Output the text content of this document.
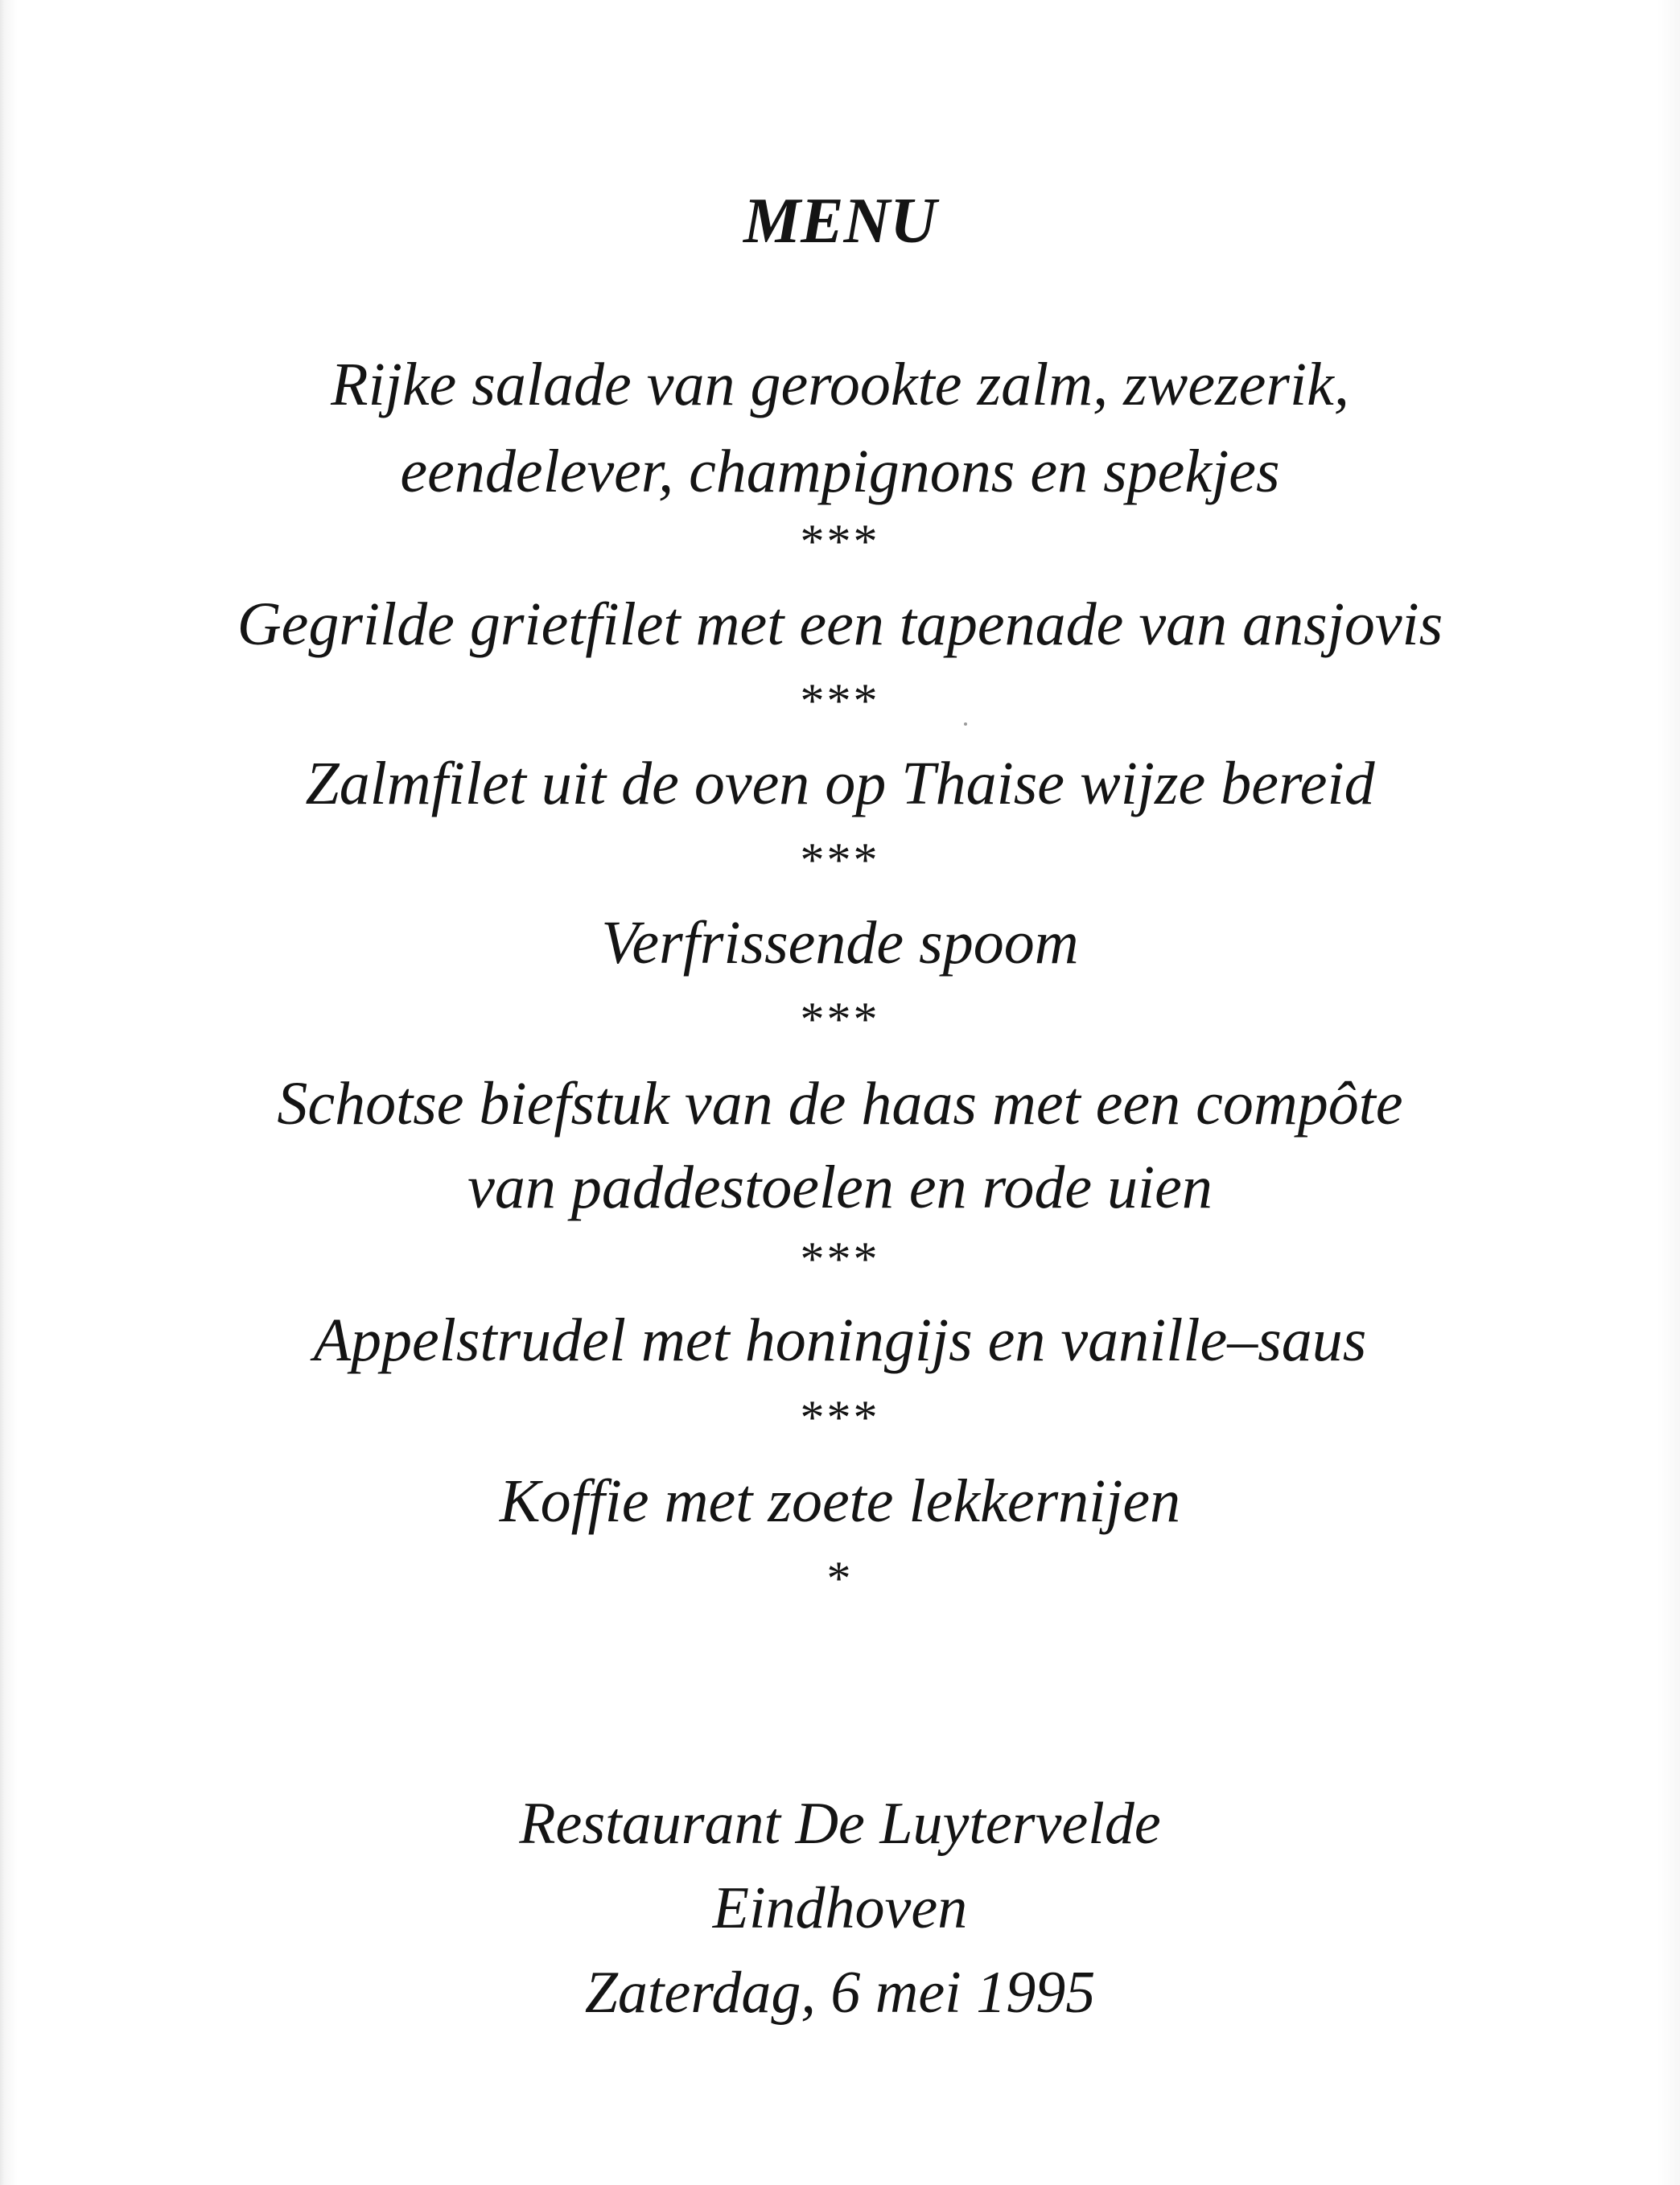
MENU

Rijke salade van gerookte zalm, zwezerik,

eendelever, champignons en spekjes

***

Gegrilde grietfilet met een tapenade van ansjovis

***

Zalmfilet uit de oven op Thaise wijze bereid

***

Verfrissende spoom

***

Schotse biefstuk van de haas met een compôte

van paddestoelen en rode uien

***

Appelstrudel met honingijs en vanille–saus

***

Koffie met zoete lekkernijen

*

Restaurant De Luytervelde

Eindhoven

Zaterdag, 6 mei 1995
